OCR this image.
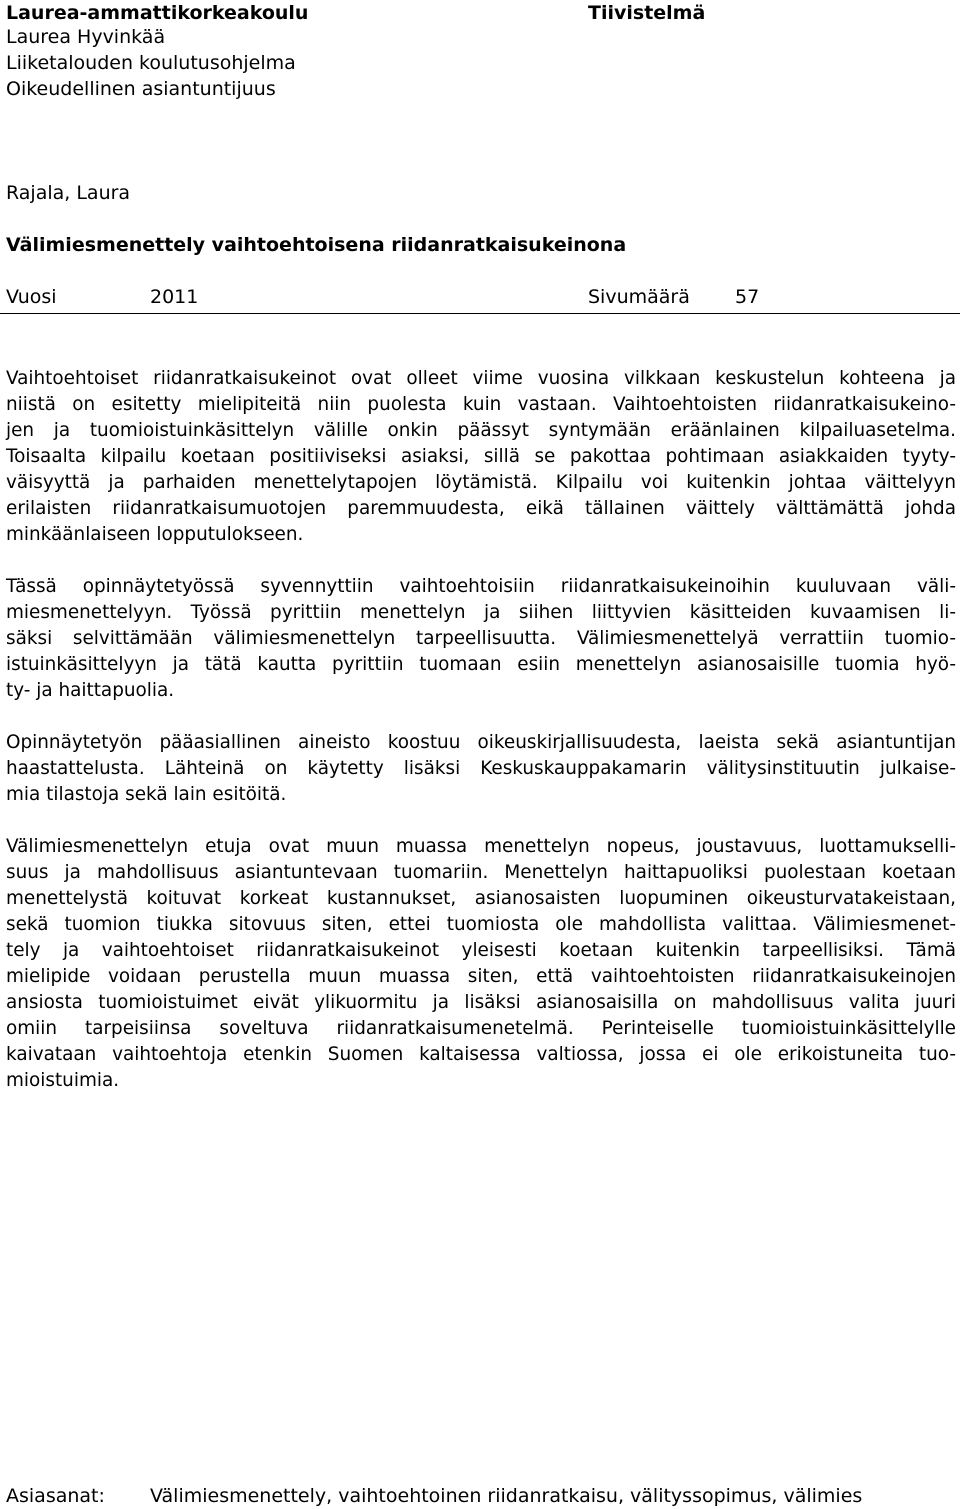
Laurea-ammattikorkeakoulu	Tiivistelmä
Laurea Hyvinkää
Liiketalouden koulutusohjelma
Oikeudellinen asiantuntijuus
Rajala, Laura
Välimiesmenettely vaihtoehtoisena riidanratkaisukeinona
Vuosi	2011	Sivumäärä 57

Vaihtoehtoiset riidanratkaisukeinot ovat olleet viime vuosina vilkkaan keskustelun kohteena ja
niistä on esitetty mielipiteitä niin puolesta kuin vastaan. Vaihtoehtoisten riidanratkaisukeino-
jen ja tuomioistuinkäsittelyn välille onkin päässyt syntymään eräänlainen kilpailuasetelma.
Toisaalta kilpailu koetaan positiiviseksi asiaksi, sillä se pakottaa pohtimaan asiakkaiden tyyty-
väisyyttä ja parhaiden menettelytapojen löytämistä. Kilpailu voi kuitenkin johtaa väittelyyn
erilaisten riidanratkaisumuotojen paremmuudesta, eikä tällainen väittely välttämättä johda
minkäänlaiseen lopputulokseen.

Tässä opinnäytetyössä syvennyttiin vaihtoehtoisiin riidanratkaisukeinoihin kuuluvaan väli-
miesmenettelyyn. Työssä pyrittiin menettelyn ja siihen liittyvien käsitteiden kuvaamisen li-
säksi selvittämään välimiesmenettelyn tarpeellisuutta. Välimiesmenettelyä verrattiin tuomio-
istuinkäsittelyyn ja tätä kautta pyrittiin tuomaan esiin menettelyn asianosaisille tuomia hyö-
ty- ja haittapuolia.

Opinnäytetyön pääasiallinen aineisto koostuu oikeuskirjallisuudesta, laeista sekä asiantuntijan
haastattelusta. Lähteinä on käytetty lisäksi Keskuskauppakamarin välitysinstituutin julkaise-
mia tilastoja sekä lain esitöitä.

Välimiesmenettelyn etuja ovat muun muassa menettelyn nopeus, joustavuus, luottamukselli-
suus ja mahdollisuus asiantuntevaan tuomariin. Menettelyn haittapuoliksi puolestaan koetaan
menettelystä koituvat korkeat kustannukset, asianosaisten luopuminen oikeusturvatakeistaan,
sekä tuomion tiukka sitovuus siten, ettei tuomiosta ole mahdollista valittaa. Välimiesmenet-
tely ja vaihtoehtoiset riidanratkaisukeinot yleisesti koetaan kuitenkin tarpeellisiksi. Tämä
mielipide voidaan perustella muun muassa siten, että vaihtoehtoisten riidanratkaisukeinojen
ansiosta tuomioistuimet eivät ylikuormitu ja lisäksi asianosaisilla on mahdollisuus valita juuri
omiin tarpeisiinsa soveltuva riidanratkaisumenetelmä. Perinteiselle tuomioistuinkäsittelylle
kaivataan vaihtoehtoja etenkin Suomen kaltaisessa valtiossa, jossa ei ole erikoistuneita tuo-
mioistuimia.

Asiasanat: Välimiesmenettely, vaihtoehtoinen riidanratkaisu, välityssopimus, välimies
